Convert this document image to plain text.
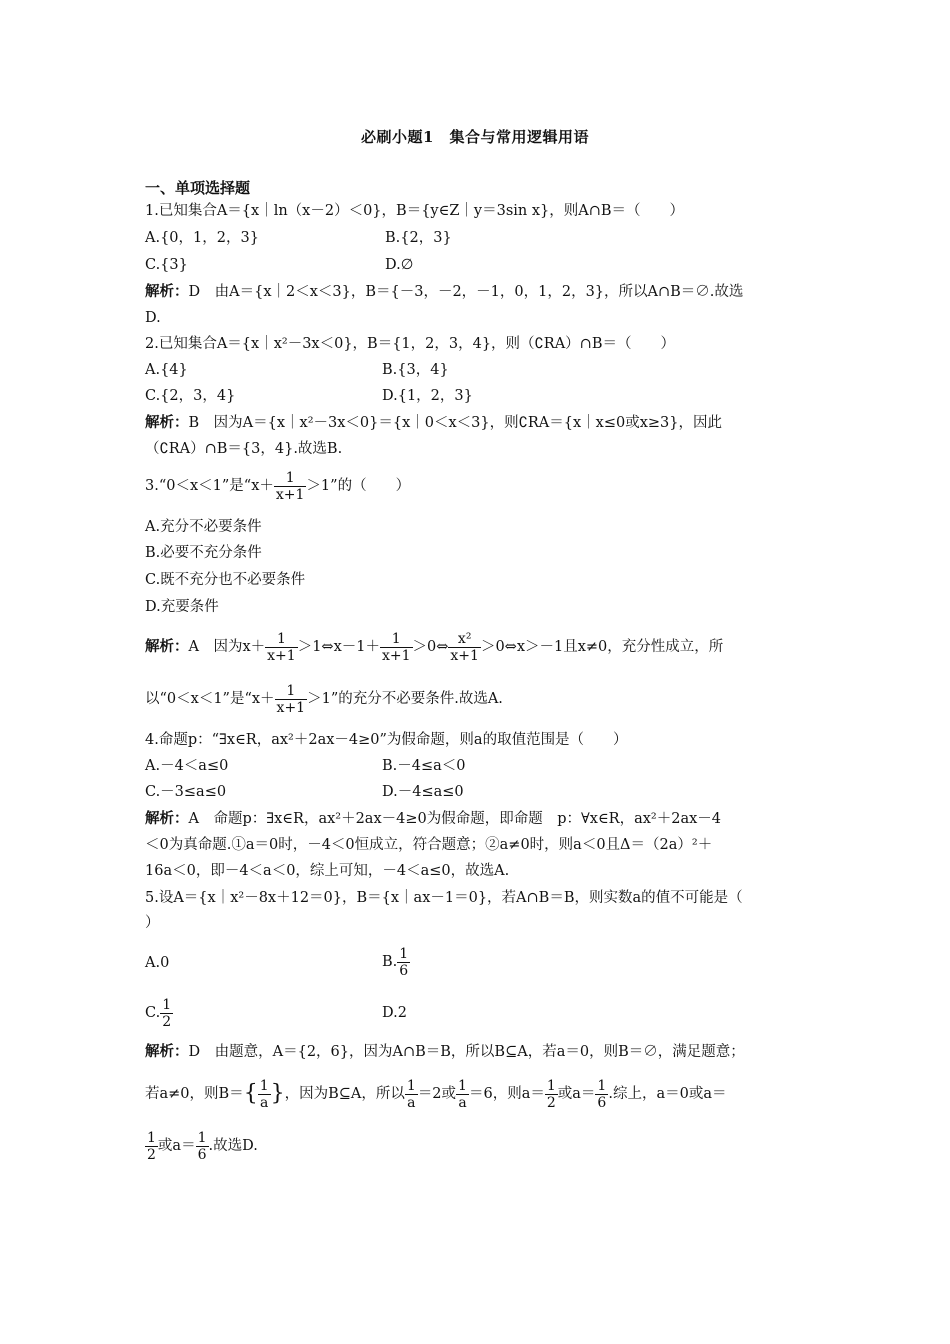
必刷小题1　集合与常用逻辑用语
一、单项选择题
1.已知集合A＝{x｜ln（x－2）＜0}，B＝{y∈Z｜y＝3sin x}，则A∩B＝（　　）
A.{0，1，2，3}	B.{2，3}
C.{3}	D.∅
解析：D　由A＝{x｜2＜x＜3}，B＝{－3，－2，－1，0，1，2，3}，所以A∩B＝∅.故选
D.
2.已知集合A＝{x｜x²－3x＜0}，B＝{1，2，3，4}，则（∁RA）∩B＝（　　）
A.{4}	B.{3，4}
C.{2，3，4}	D.{1，2，3}
解析：B　因为A＝{x｜x²－3x＜0}＝{x｜0＜x＜3}，则∁RA＝{x｜x≤0或x≥3}，因此
（∁RA）∩B＝{3，4}.故选B.
3.“0＜x＜1”是“$x+ \frac{1}{x+1} >1$”的（　　）
A.充分不必要条件
B.必要不充分条件
C.既不充分也不必要条件
D.充要条件
解析：A　因为$x+ \frac{1}{x+1}$ ＞1⇔x－1＋ $\frac{1}{x+1}$ ＞0⇔ $\frac{\text{x²}}{x+1}$ ＞0⇔x＞－1且x≠0，充分性成立，所
以“0＜x＜1”是“$x+ \frac{1}{x+1} >1$”的充分不必要条件.故选A.
4.命题p：“∃x∈R，ax²＋2ax－4≥0”为假命题，则a的取值范围是（　　）
A.－4＜a≤0	B.－4≤a＜0
C.－3≤a≤0	D.－4≤a≤0
解析：A　命题p：∃x∈R，ax²＋2ax－4≥0为假命题，即命题　p：∀x∈R，ax²＋2ax－4
＜0为真命题.①a＝0时，－4＜0恒成立，符合题意；②a≠0时，则a＜0且Δ＝（2a）²＋
16a＜0，即－4＜a＜0，综上可知，－4＜a≤0，故选A.
5.设A＝{x｜x²－8x＋12＝0}，B＝{x｜ax－1＝0}，若A∩B＝B，则实数a的值不可能是（
）
A.0	B. $\frac{1}{6}$
C. $\frac{1}{2}$	D.2
解析：D　由题意，A＝{2，6}，因为A∩B＝B，所以B⊆A，若a＝0，则B＝∅，满足题意；
若a≠0，则$B=\{ \frac{1}{a}$ }，因为B⊆A，所以 $\frac{1}{a} =2$或 $\frac{1}{a} =6$，则$a= \frac{1}{2}$ 或$a= \frac{1}{6}$ .综上，a＝0或a＝
$\frac{1}{2}$ 或$a= \frac{1}{6}$ .故选D.
